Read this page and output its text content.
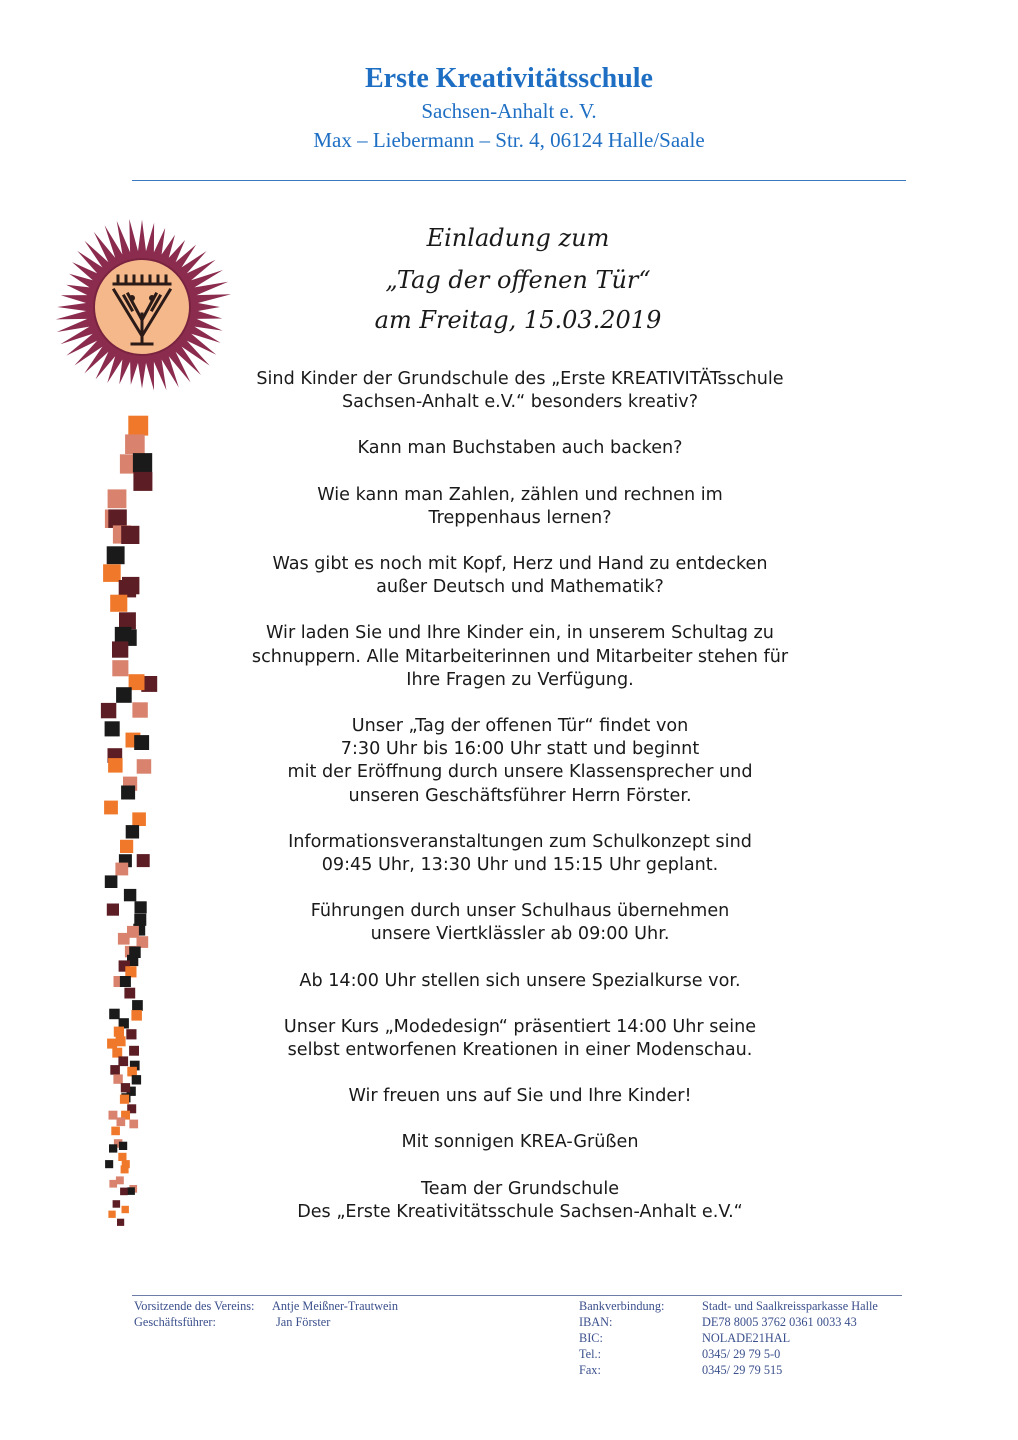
Erste Kreativitätsschule
Sachsen-Anhalt e. V.
Max – Liebermann – Str. 4, 06124 Halle/Saale
Einladung zum
„Tag der offenen Tür“
am Freitag, 15.03.2019

Sind Kinder der Grundschule des „Erste KREATIVITÄTsschule
Sachsen-Anhalt e.V.“ besonders kreativ?

Kann man Buchstaben auch backen?

Wie kann man Zahlen, zählen und rechnen im
Treppenhaus lernen?

Was gibt es noch mit Kopf, Herz und Hand zu entdecken
außer Deutsch und Mathematik?

Wir laden Sie und Ihre Kinder ein, in unserem Schultag zu
schnuppern. Alle Mitarbeiterinnen und Mitarbeiter stehen für
Ihre Fragen zu Verfügung.

Unser „Tag der offenen Tür“ findet von
7:30 Uhr bis 16:00 Uhr statt und beginnt
mit der Eröffnung durch unsere Klassensprecher und
unseren Geschäftsführer Herrn Förster.

Informationsveranstaltungen zum Schulkonzept sind
09:45 Uhr, 13:30 Uhr und 15:15 Uhr geplant.

Führungen durch unser Schulhaus übernehmen
unsere Viertklässler ab 09:00 Uhr.

Ab 14:00 Uhr stellen sich unsere Spezialkurse vor.

Unser Kurs „Modedesign“ präsentiert 14:00 Uhr seine
selbst entworfenen Kreationen in einer Modenschau.

Wir freuen uns auf Sie und Ihre Kinder!

Mit sonnigen KREA-Grüßen

Team der Grundschule
Des „Erste Kreativitätsschule Sachsen-Anhalt e.V.“

Vorsitzende des Vereins:
Geschäftsführer:
Antje Meißner-Trautwein
Jan Förster
Bankverbindung:
IBAN:
BIC:
Tel.:
Fax:
Stadt- und Saalkreissparkasse Halle
DE78 8005 3762 0361 0033 43
NOLADE21HAL
0345/ 29 79 5-0
0345/ 29 79 515
